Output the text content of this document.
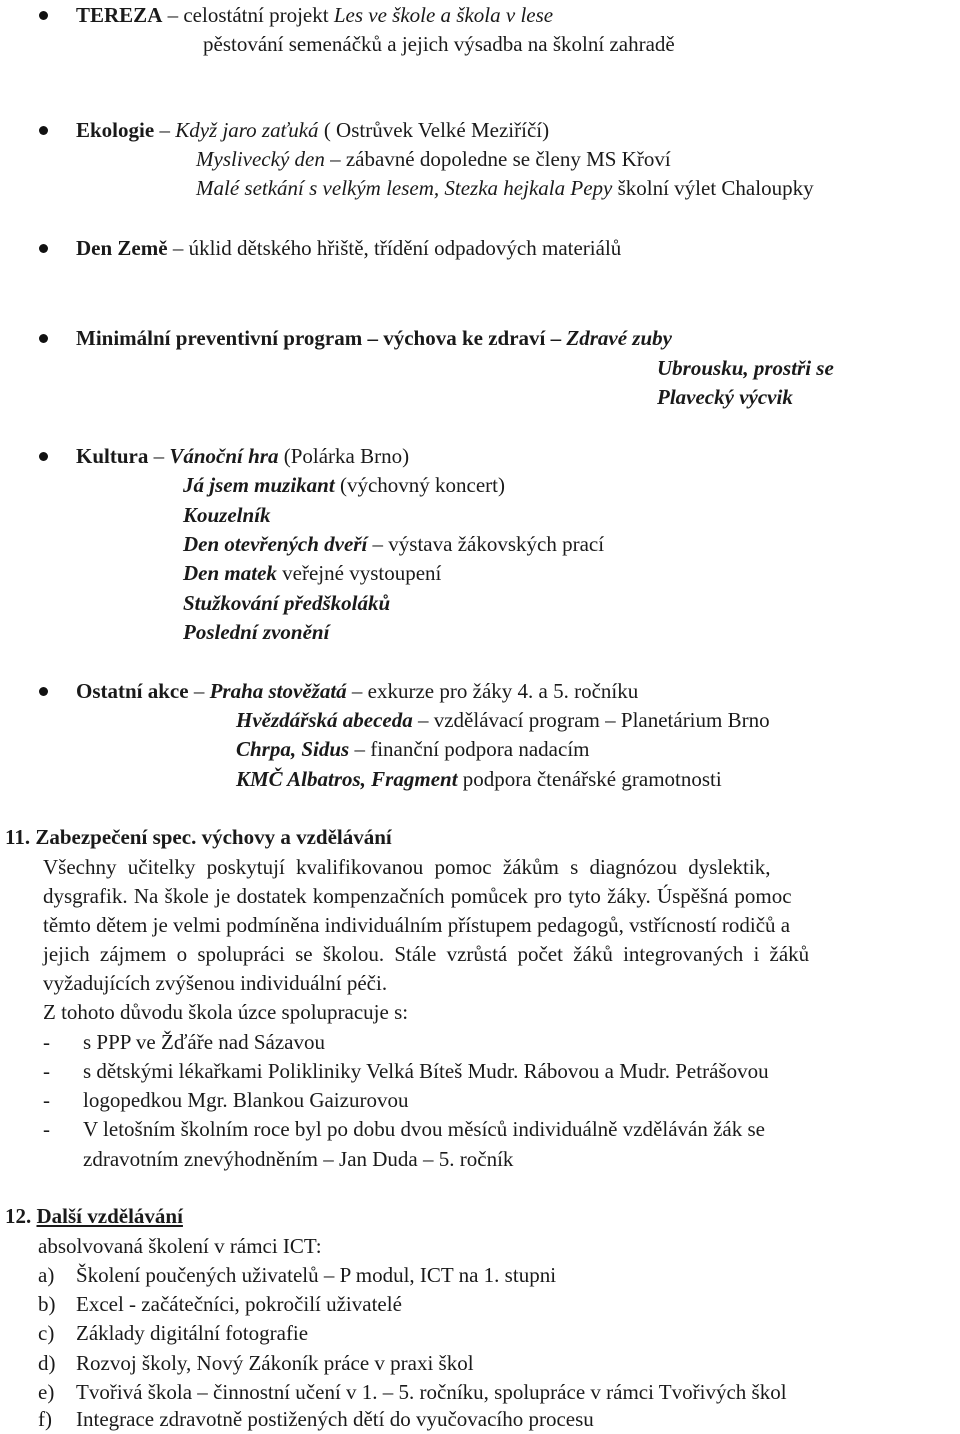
TEREZA – celostátní projekt Les ve škole a škola v lese
pěstování semenáčků a jejich výsadba na školní zahradě
Ekologie – Když jaro zaťuká ( Ostrůvek Velké Meziříčí)
Myslivecký den – zábavné dopoledne se členy MS Křoví
Malé setkání s velkým lesem, Stezka hejkala Pepy školní výlet Chaloupky
Den Země – úklid dětského hřiště, třídění odpadových materiálů
Minimální preventivní program – výchova ke zdraví – Zdravé zuby
Ubrousku, prostři se
Plavecký výcvik
Kultura – Vánoční hra (Polárka Brno)
Já jsem muzikant (výchovný koncert)
Kouzelník
Den otevřených dveří – výstava žákovských prací
Den matek veřejné vystoupení
Stužkování předškoláků
Poslední zvonění
Ostatní akce – Praha stověžatá – exkurze pro žáky 4. a 5. ročníku
Hvězdářská abeceda – vzdělávací program – Planetárium Brno
Chrpa, Sidus – finanční podpora nadacím
KMČ Albatros, Fragment podpora čtenářské gramotnosti
11. Zabezpečení spec. výchovy a vzdělávání
Všechny učitelky poskytují kvalifikovanou pomoc žákům s diagnózou dyslektik,
dysgrafik. Na škole je dostatek kompenzačních pomůcek pro tyto žáky. Úspěšná pomoc
těmto dětem je velmi podmíněna individuálním přístupem pedagogů, vstřícností rodičů a
jejich zájmem o spolupráci se školou. Stále vzrůstá počet žáků integrovaných i žáků
vyžadujících zvýšenou individuální péči.
Z tohoto důvodu škola úzce spolupracuje s:
- s PPP ve Žďáře nad Sázavou
- s dětskými lékařkami Polikliniky Velká Bíteš Mudr. Rábovou a Mudr. Petrášovou
- logopedkou Mgr. Blankou Gaizurovou
- V letošním školním roce byl po dobu dvou měsíců individuálně vzděláván žák se
zdravotním znevýhodněním – Jan Duda – 5. ročník
12. Další vzdělávání
absolvovaná školení v rámci ICT:
a) Školení poučených uživatelů – P modul, ICT na 1. stupni
b) Excel - začátečníci, pokročilí uživatelé
c) Základy digitální fotografie
d) Rozvoj školy, Nový Zákoník práce v praxi škol
e) Tvořivá škola – činnostní učení v 1. – 5. ročníku, spolupráce v rámci Tvořivých škol
f) Integrace zdravotně postižených dětí do vyučovacího procesu
